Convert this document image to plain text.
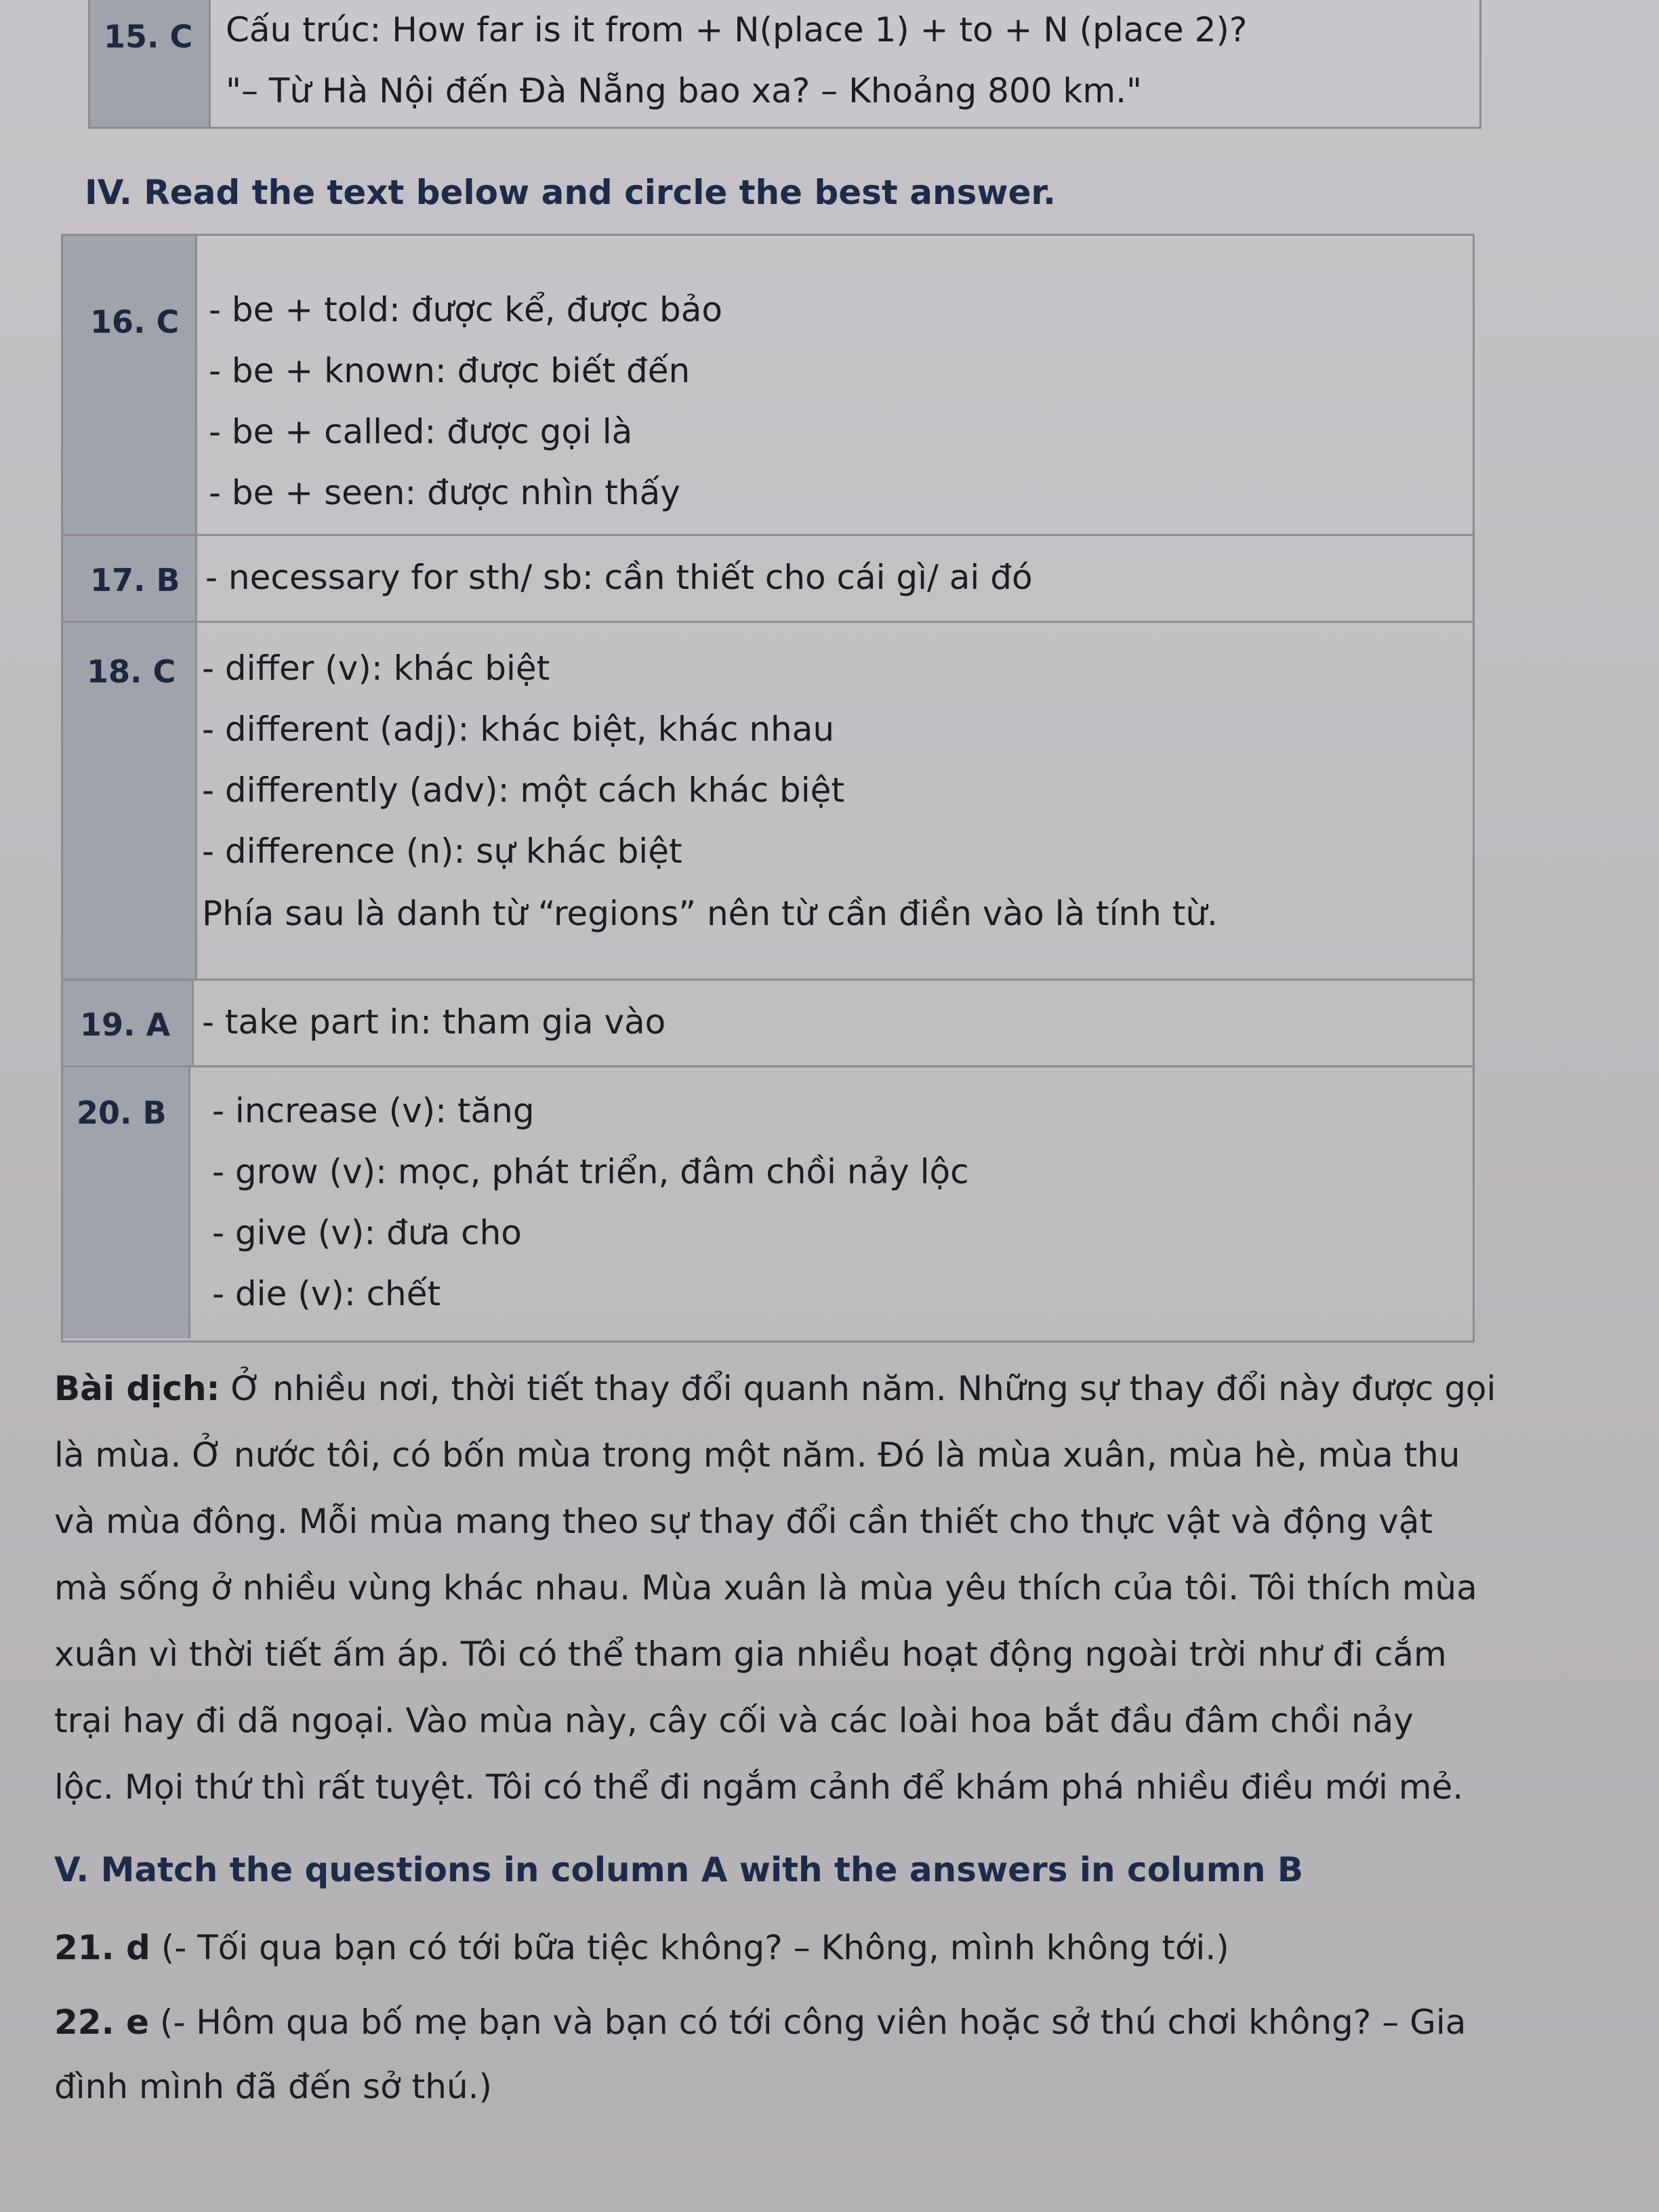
15. C Cấu trúc: How far is it from + N(place 1) + to + N (place 2)?
"– Từ Hà Nội đến Đà Nẵng bao xa? – Khoảng 800 km."
IV. Read the text below and circle the best answer.
16. C - be + told: được kể, được bảo
- be + known: được biết đến
- be + called: được gọi là
- be + seen: được nhìn thấy
17. B - necessary for sth/ sb: cần thiết cho cái gì/ ai đó
18. C - differ (v): khác biệt
- different (adj): khác biệt, khác nhau
- differently (adv): một cách khác biệt
- difference (n): sự khác biệt
Phía sau là danh từ “regions” nên từ cần điền vào là tính từ.
19. A - take part in: tham gia vào
20. B - increase (v): tăng
- grow (v): mọc, phát triển, đâm chồi nảy lộc
- give (v): đưa cho
- die (v): chết
Bài dịch: Ở nhiều nơi, thời tiết thay đổi quanh năm. Những sự thay đổi này được gọi
là mùa. Ở nước tôi, có bốn mùa trong một năm. Đó là mùa xuân, mùa hè, mùa thu
và mùa đông. Mỗi mùa mang theo sự thay đổi cần thiết cho thực vật và động vật
mà sống ở nhiều vùng khác nhau. Mùa xuân là mùa yêu thích của tôi. Tôi thích mùa
xuân vì thời tiết ấm áp. Tôi có thể tham gia nhiều hoạt động ngoài trời như đi cắm
trại hay đi dã ngoại. Vào mùa này, cây cối và các loài hoa bắt đầu đâm chồi nảy
lộc. Mọi thứ thì rất tuyệt. Tôi có thể đi ngắm cảnh để khám phá nhiều điều mới mẻ.
V. Match the questions in column A with the answers in column B
21. d (- Tối qua bạn có tới bữa tiệc không? – Không, mình không tới.)
22. e (- Hôm qua bố mẹ bạn và bạn có tới công viên hoặc sở thú chơi không? – Gia
đình mình đã đến sở thú.)
